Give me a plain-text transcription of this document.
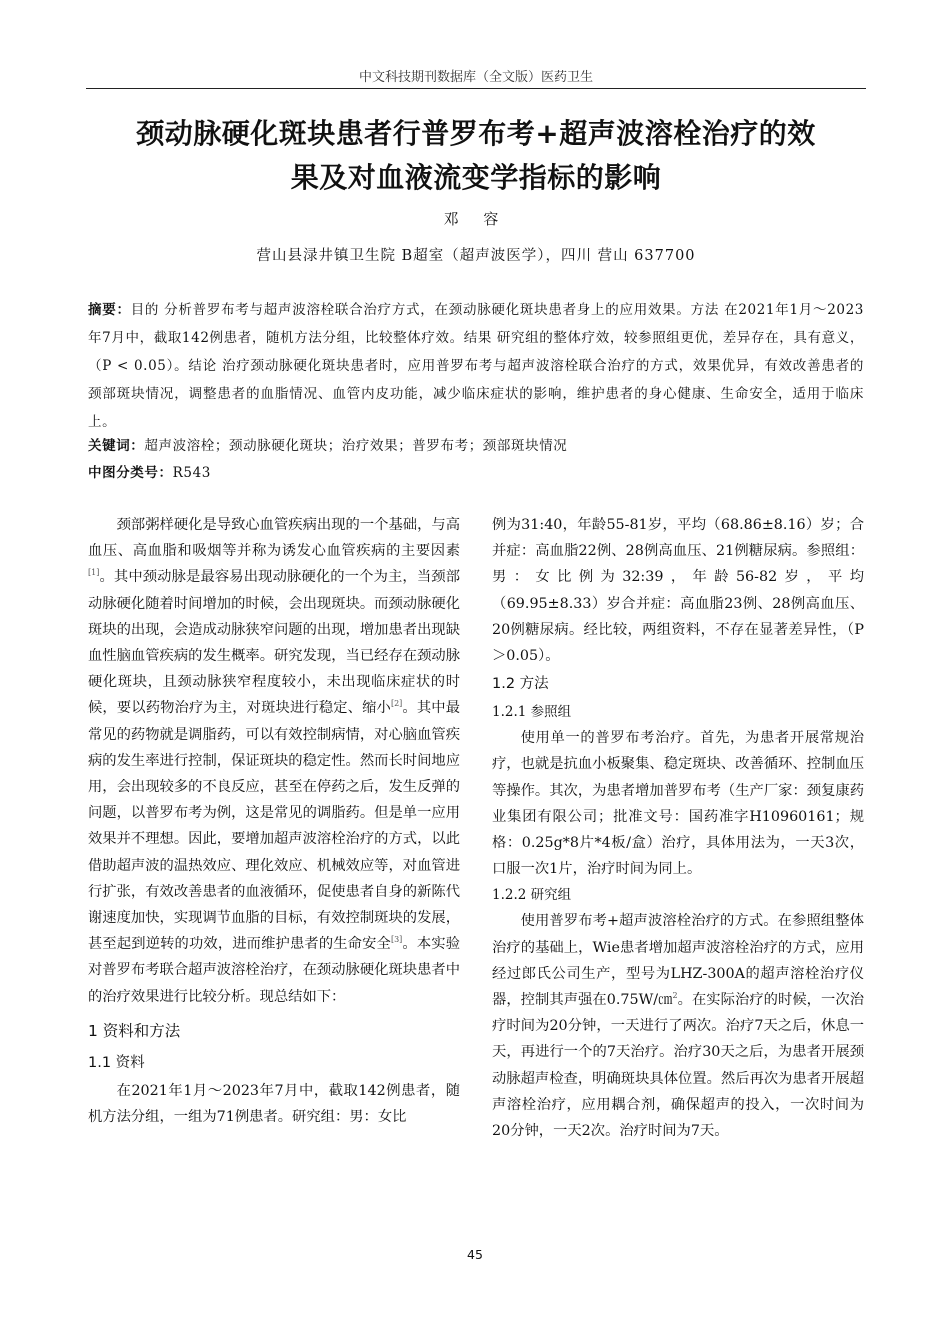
中文科技期刊数据库（全文版）医药卫生
颈动脉硬化斑块患者行普罗布考+超声波溶栓治疗的效
果及对血液流变学指标的影响
邓 容
营山县渌井镇卫生院 B超室（超声波医学），四川 营山 637700
摘要：目的 分析普罗布考与超声波溶栓联合治疗方式，在颈动脉硬化斑块患者身上的应用效果。方法 在2021年1月～2023年7月中，截取142例患者，随机方法分组，比较整体疗效。结果 研究组的整体疗效，较参照组更优，差异存在，具有意义，（P < 0.05）。结论 治疗颈动脉硬化斑块患者时，应用普罗布考与超声波溶栓联合治疗的方式，效果优异，有效改善患者的颈部斑块情况，调整患者的血脂情况、血管内皮功能，减少临床症状的影响，维护患者的身心健康、生命安全，适用于临床上。
关键词：超声波溶栓；颈动脉硬化斑块；治疗效果；普罗布考；颈部斑块情况
中图分类号：R543

颈部粥样硬化是导致心血管疾病出现的一个基础，与高血压、高血脂和吸烟等并称为诱发心血管疾病的主要因素[1]。其中颈动脉是最容易出现动脉硬化的一个为主，当颈部动脉硬化随着时间增加的时候，会出现斑块。而颈动脉硬化斑块的出现，会造成动脉狭窄问题的出现，增加患者出现缺血性脑血管疾病的发生概率。研究发现，当已经存在颈动脉硬化斑块，且颈动脉狭窄程度较小，未出现临床症状的时候，要以药物治疗为主，对斑块进行稳定、缩小[2]。其中最常见的药物就是调脂药，可以有效控制病情，对心脑血管疾病的发生率进行控制，保证斑块的稳定性。然而长时间地应用，会出现较多的不良反应，甚至在停药之后，发生反弹的问题，以普罗布考为例，这是常见的调脂药。但是单一应用效果并不理想。因此，要增加超声波溶栓治疗的方式，以此借助超声波的温热效应、理化效应、机械效应等，对血管进行扩张，有效改善患者的血液循环，促使患者自身的新陈代谢速度加快，实现调节血脂的目标，有效控制斑块的发展，甚至起到逆转的功效，进而维护患者的生命安全[3]。本实验对普罗布考联合超声波溶栓治疗，在颈动脉硬化斑块患者中的治疗效果进行比较分析。现总结如下：

1 资料和方法
1.1 资料

在2021年1月～2023年7月中，截取142例患者，随机方法分组，一组为71例患者。研究组：男：女比

例为31:40，年龄55-81岁，平均（68.86±8.16）岁；合并症：高血脂22例、28例高血压、21例糖尿病。参照组：男：女比例为32:39，年龄56-82岁，平均（69.95±8.33）岁合并症：高血脂23例、28例高血压、20例糖尿病。经比较，两组资料，不存在显著差异性，（P＞0.05）。

1.2 方法
1.2.1 参照组

使用单一的普罗布考治疗。首先，为患者开展常规治疗，也就是抗血小板聚集、稳定斑块、改善循环、控制血压等操作。其次，为患者增加普罗布考（生产厂家：颈复康药业集团有限公司；批准文号：国药准字H10960161；规格：0.25g*8片*4板/盒）治疗，具体用法为，一天3次，口服一次1片，治疗时间为同上。

1.2.2 研究组

使用普罗布考+超声波溶栓治疗的方式。在参照组整体治疗的基础上，Wie患者增加超声波溶栓治疗的方式，应用经过郎氏公司生产，型号为LHZ-300A的超声溶栓治疗仪器，控制其声强在0.75W/㎝$^2$。在实际治疗的时候，一次治疗时间为20分钟，一天进行了两次。治疗7天之后，休息一天，再进行一个的7天治疗。治疗30天之后，为患者开展颈动脉超声检查，明确斑块具体位置。然后再次为患者开展超声溶栓治疗，应用耦合剂，确保超声的投入，一次时间为20分钟，一天2次。治疗时间为7天。

45
